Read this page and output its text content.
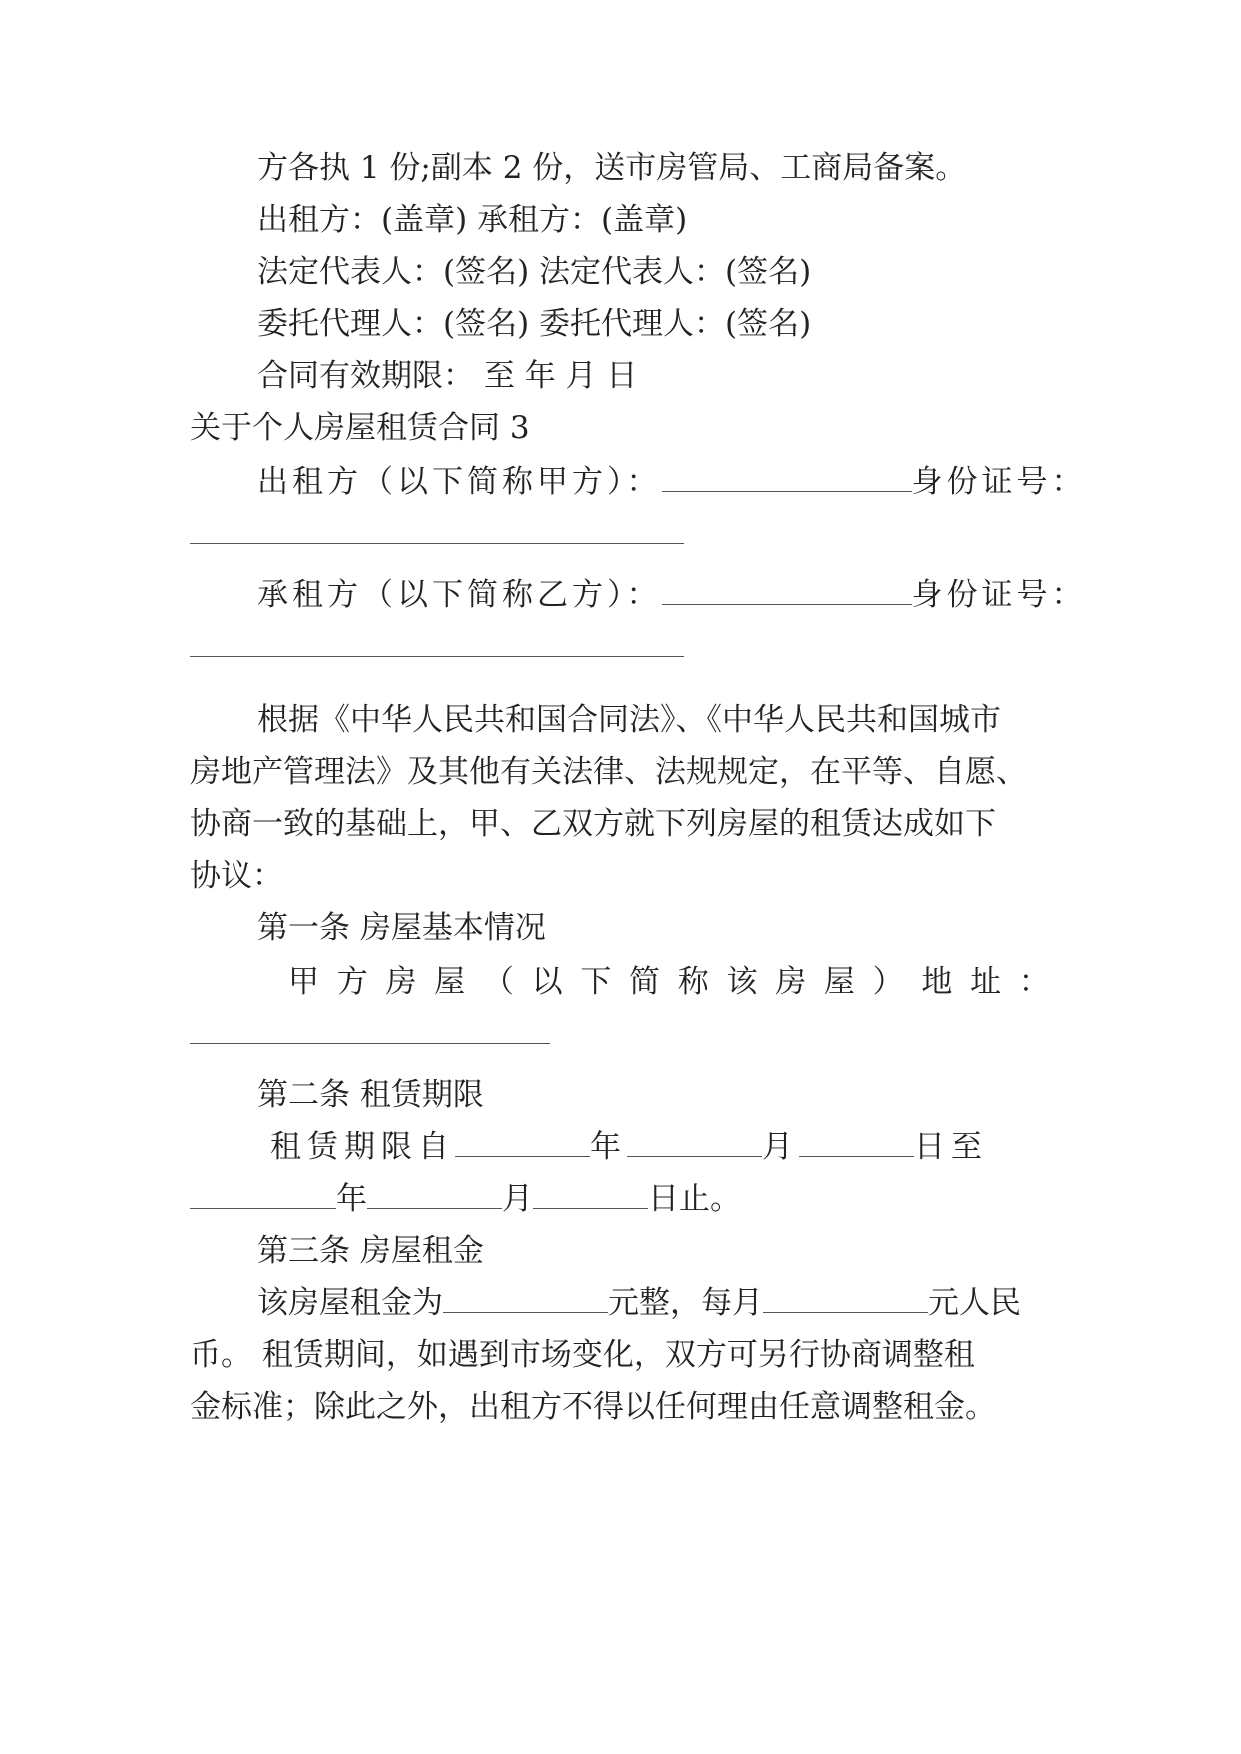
方各执 1 份;副本 2 份，送市房管局、工商局备案。
出租方：(盖章) 承租方：(盖章)
法定代表人：(签名) 法定代表人：(签名)
委托代理人：(签名) 委托代理人：(签名)
合同有效期限： 至 年 月 日
关于个人房屋租赁合同 3
出租方（以下简称甲方）：	身份证号：
承租方（以下简称乙方）：	身份证号：
根据《中华人民共和国合同法》、《中华人民共和国城市
房地产管理法》及其他有关法律、法规规定，在平等、自愿、
协商一致的基础上，甲、乙双方就下列房屋的租赁达成如下
协议：
第一条 房屋基本情况
甲 方 房 屋 （ 以 下 简 称 该 房 屋 ） 地 址 ：
第二条 租赁期限
租赁期限自	年	月	日至
年	月	日止。
第三条 房屋租金
该房屋租金为	元整，每月	元人民
币。 租赁期间，如遇到市场变化，双方可另行协商调整租
金标准；除此之外，出租方不得以任何理由任意调整租金。
